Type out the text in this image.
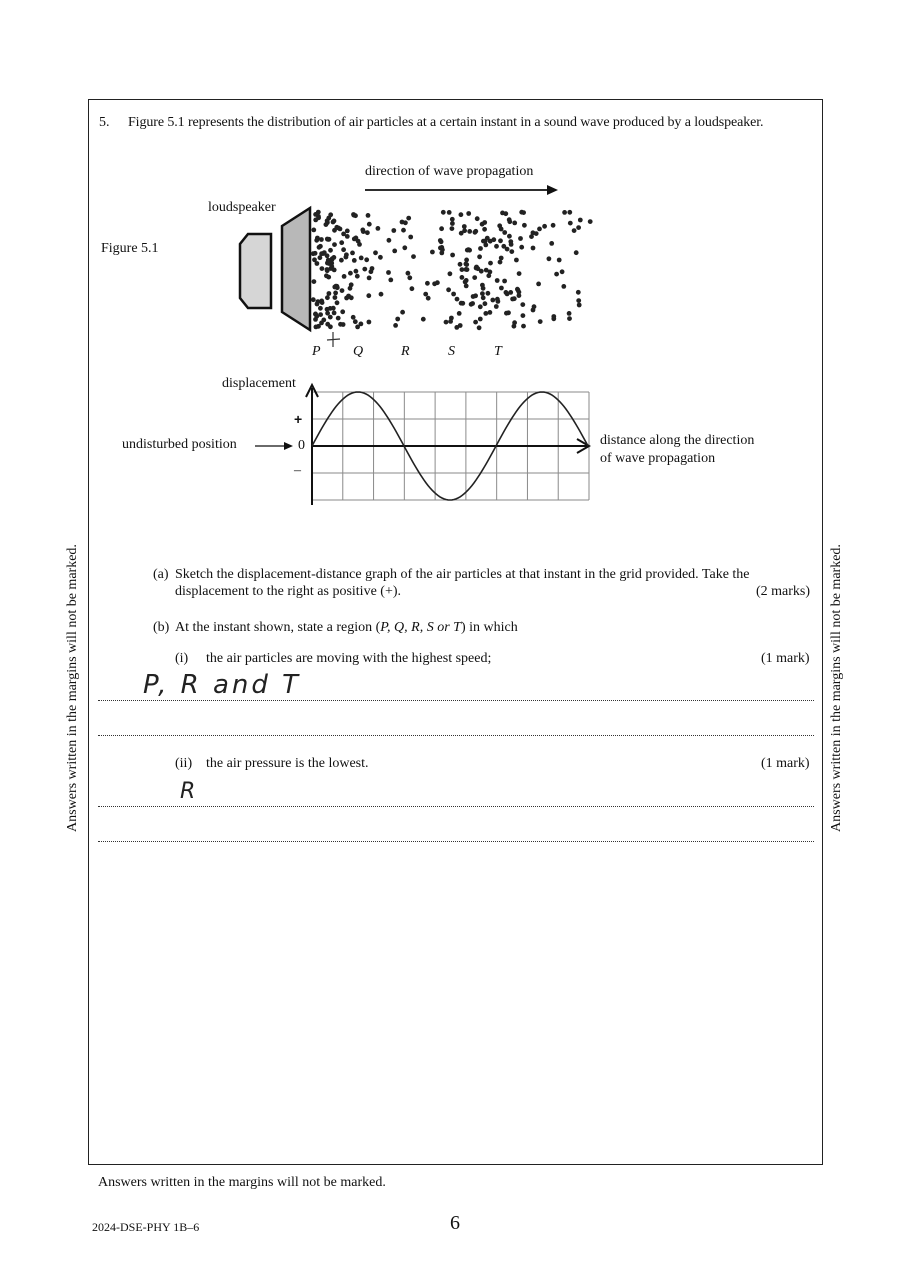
Answers written in the margins will not be marked.	Answers written in the margins will not be marked.
5. Figure 5.1 represents the distribution of air particles at a certain instant in a sound wave produced by a loudspeaker.
direction of wave propagation
loudspeaker
Figure 5.1
P Q	R	S	T
displacement
+
0
–
undisturbed position	distance along the direction
of wave propagation
(a) Sketch the displacement-distance graph of the air particles at that instant in the grid provided. Take the
displacement to the right as positive (+).	(2 marks)
(b) At the instant shown, state a region (P, Q, R, S or T) in which
(i) the air particles are moving with the highest speed;	(1 mark)
P, R and T
(ii) the air pressure is the lowest.	(1 mark)
R
Answers written in the margins will not be marked.
2024-DSE-PHY 1B–6	6
